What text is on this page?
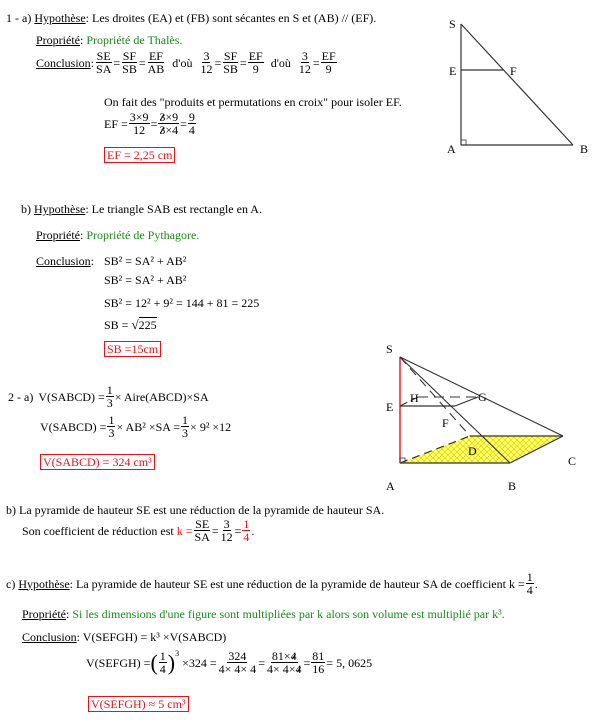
1 - a) Hypothèse: Les droites (EA) et (FB) sont sécantes en S et (AB) // (EF).
Propriété: Propriété de Thalès.
Conclusion : $\frac{SE}{SA} = \frac{SF}{SB} = \frac{EF}{AB}$ d'où $\frac{3}{12} = \frac{SF}{SB} = \frac{EF}{9}$ d'où $\frac{3}{12} = \frac{EF}{9}$
On fait des "produits et permutations en croix" pour isoler EF.
EF = $\frac{3\times 9}{12} = \frac{3\times 9}{3\times 4} = \frac{9}{4}$
EF = 2,25 cm
S
E	F
A	B
b) Hypothèse: Le triangle SAB est rectangle en A.
Propriété: Propriété de Pythagore.
Conclusion: SB² = SA² + AB²
SB² = SA² + AB²
SB² = 12² + 9² = 144 + 81 = 225
SB = √225
SB =15cm
2 - a) V(SABCD) = $\frac{1}{3}$ × Aire(ABCD)×SA
V(SABCD) = $\frac{1}{3} \times AB^2 \times SA = \frac{1}{3} \times 9^2 \times 12$
V(SABCD) = 324 cm³
S
E
H	G
F
D
C
A	B
b) La pyramide de hauteur SE est une réduction de la pyramide de hauteur SA.
Son coefficient de réduction est $k = \frac{SE}{SA} = \frac{3}{12} = \frac{1}{4}$ .
c) Hypothèse : La pyramide de hauteur SE est une réduction de la pyramide de hauteur SA de coefficient $k = \frac{1}{4}$ .
Propriété: Si les dimensions d'une figure sont multipliées par k alors son volume est multiplié par k³.
Conclusion: V(SEFGH) = k³ ×V(SABCD)
V(SEFGH) = ( $\frac{1}{4}$ ) 3
$\times 324 = \frac{324}{4\times 4\times 4} = \frac{81\times 4}{4\times 4\times 4} = \frac{81}{16} = 5$, 0625
V(SEFGH) ≈ 5 cm³
